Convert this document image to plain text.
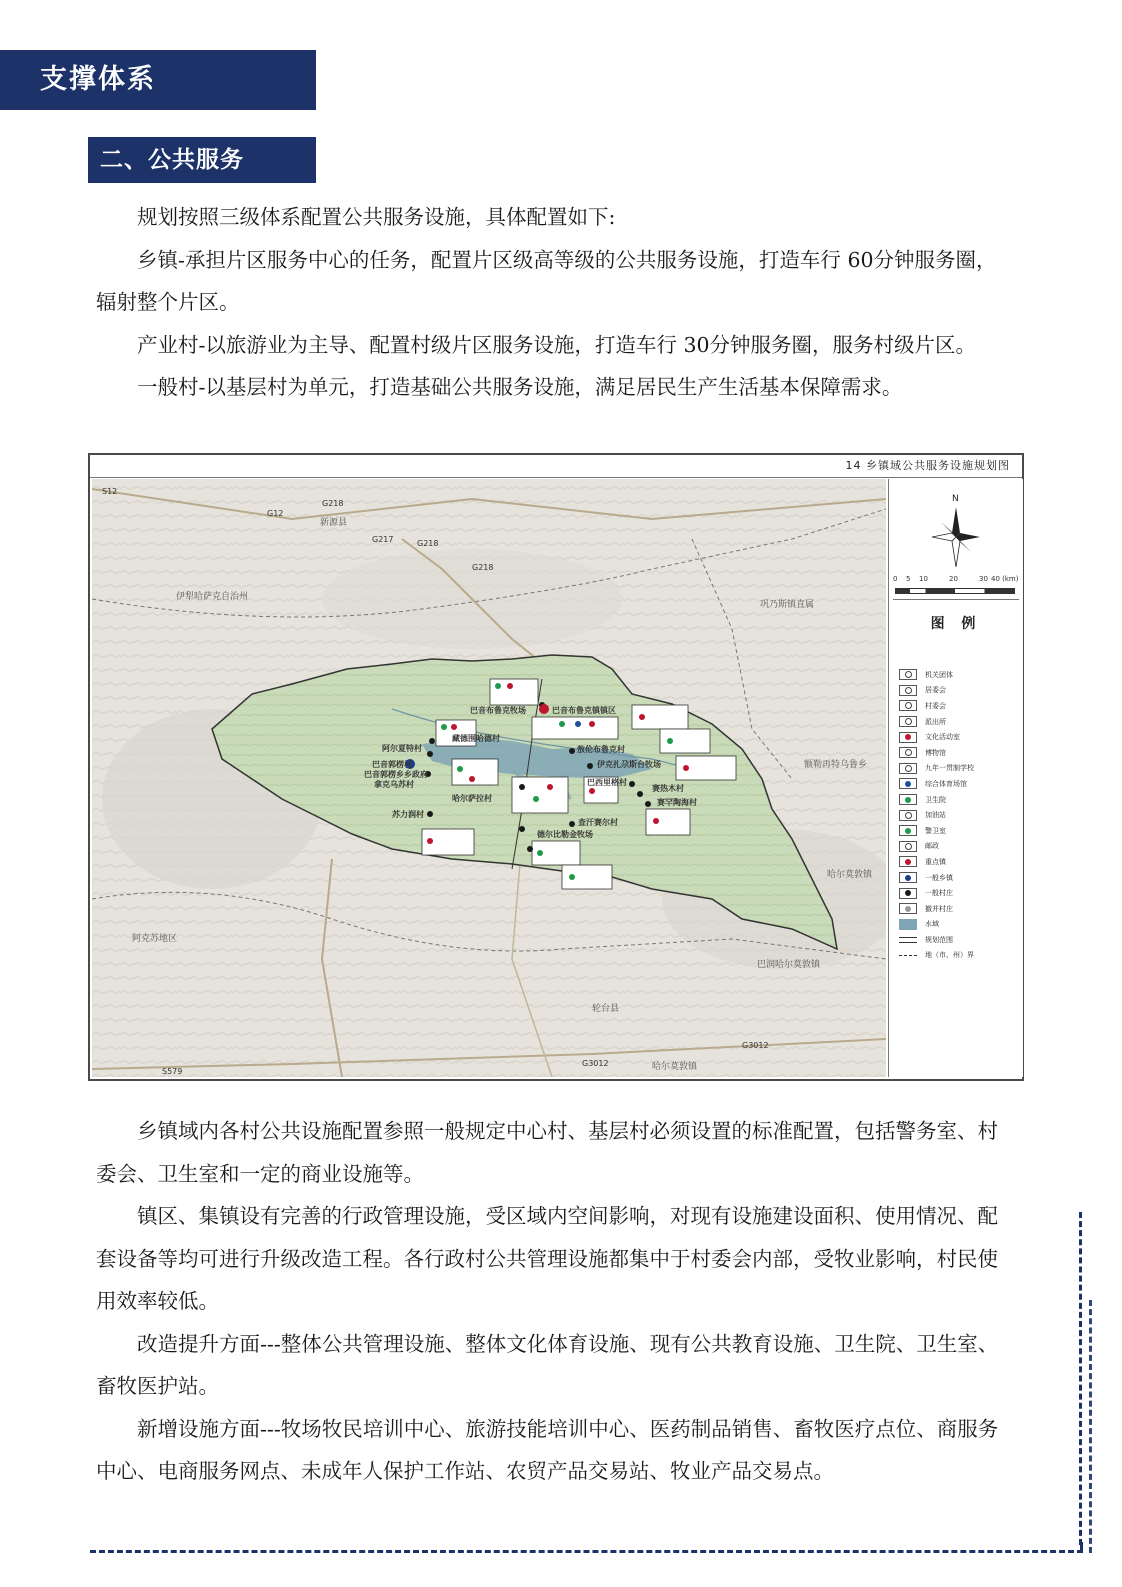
支撑体系
二、公共服务

规划按照三级体系配置公共服务设施，具体配置如下:

乡镇-承担片区服务中心的任务，配置片区级高等级的公共服务设施，打造车行 60分钟服务圈，辐射整个片区。

产业村-以旅游业为主导、配置村级片区服务设施，打造车行 30分钟服务圈，服务村级片区。

一般村-以基层村为单元，打造基础公共服务设施，满足居民生产生活基本保障需求。

14 乡镇域公共服务设施规划图
伊犁哈萨克自治州
巩乃斯镇直属
额勒再特乌鲁乡
哈尔莫敦镇
巴润哈尔莫敦镇
阿克苏地区
轮台县
哈尔莫敦镇
新源县
G217
G218
G218
G218
S12
G12
G3012
G3012
S579
巴音布鲁克牧场	巴音布鲁克镇镇区
藏德围哈德村
阿尔夏特村
巴音郭楞村
巴音郭楞乡乡政府
拿克乌苏村
苏力润村
哈尔萨拉村
敖伦布鲁克村
伊克扎尕斯台牧场
巴西里格村
赛热木村
赛罕陶海村
查汗赛尔村
德尔比勒金牧场
N
0 5 10	20	30 40 (km)
图 例
机关团体
居委会
村委会
派出所
文化活动室
博物馆
九年一贯制学校
综合体育场馆
卫生院
加油站
警卫室
邮政
重点镇
一般乡镇
一般村庄
撤并村庄
水域
规划范围
地（市、州）界

乡镇域内各村公共设施配置参照一般规定中心村、基层村必须设置的标准配置，包括警务室、村委会、卫生室和一定的商业设施等。

镇区、集镇设有完善的行政管理设施，受区域内空间影响，对现有设施建设面积、使用情况、配套设备等均可进行升级改造工程。各行政村公共管理设施都集中于村委会内部，受牧业影响，村民使用效率较低。

改造提升方面---整体公共管理设施、整体文化体育设施、现有公共教育设施、卫生院、卫生室、畜牧医护站。

新增设施方面---牧场牧民培训中心、旅游技能培训中心、医药制品销售、畜牧医疗点位、商服务中心、电商服务网点、未成年人保护工作站、农贸产品交易站、牧业产品交易点。
